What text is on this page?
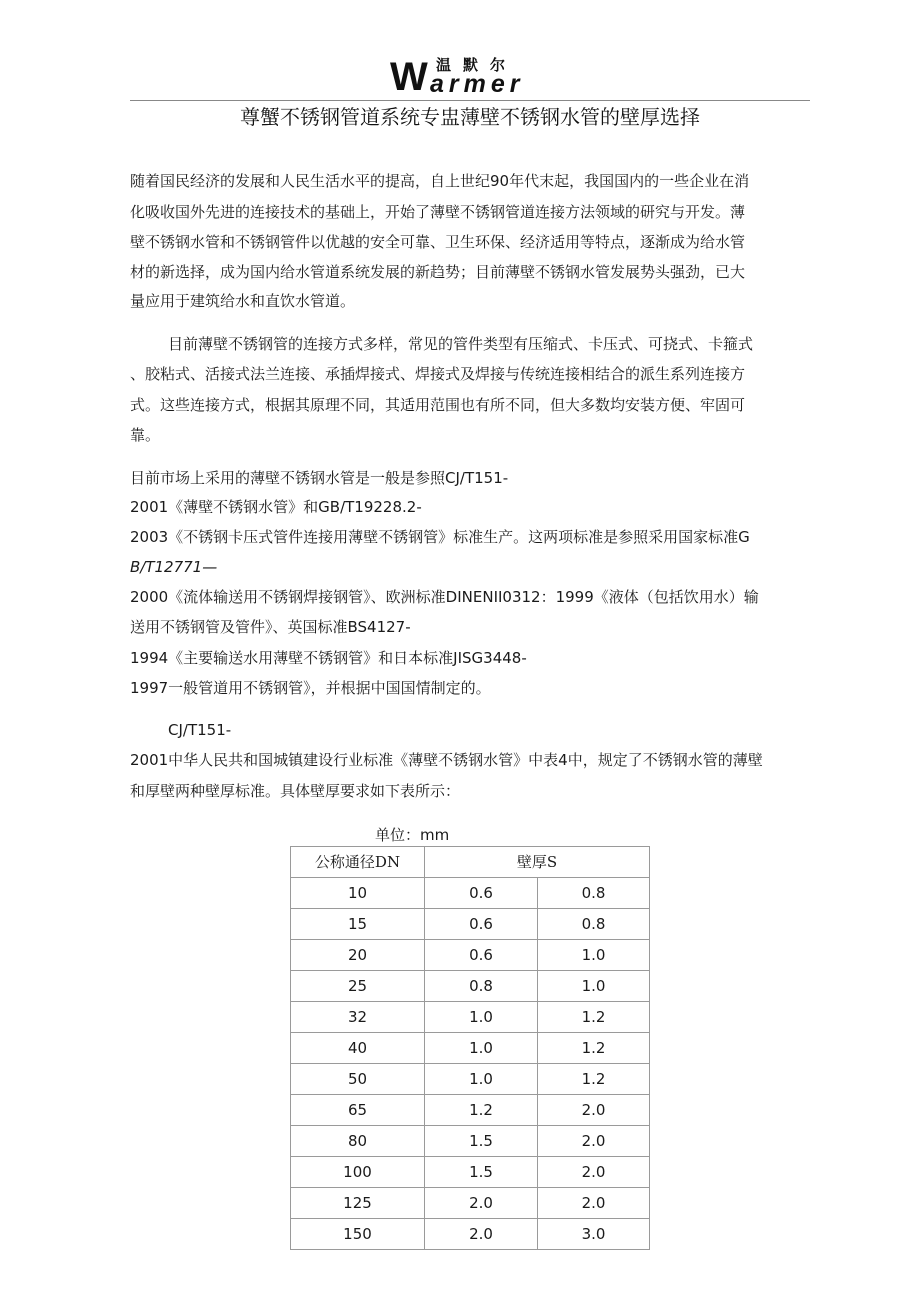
W 温默尔
armer
尊蟹不锈钢管道系统专盅薄壁不锈钢水管的壁厚选择
随着国民经济的发展和人民生活水平的提高，自上世纪90年代末起，我国国内的一些企业在消
化吸收国外先进的连接技术的基础上，开始了薄壁不锈钢管道连接方法领域的研究与开发。薄
壁不锈钢水管和不锈钢管件以优越的安全可靠、卫生环保、经济适用等特点，逐渐成为给水管
材的新选择，成为国内给水管道系统发展的新趋势；目前薄壁不锈钢水管发展势头强劲，已大
量应用于建筑给水和直饮水管道。
目前薄壁不锈钢管的连接方式多样，常见的管件类型有压缩式、卡压式、可挠式、卡箍式
、胶粘式、活接式法兰连接、承插焊接式、焊接式及焊接与传统连接相结合的派生系列连接方
式。这些连接方式，根据其原理不同，其适用范围也有所不同，但大多数均安装方便、牢固可
靠。
目前市场上采用的薄壁不锈钢水管是一般是参照CJ/T151-
2001《薄壁不锈钢水管》和GB/T19228.2-
2003《不锈钢卡压式管件连接用薄壁不锈钢管》标准生产。这两项标准是参照采用国家标准G
B/T12771—
2000《流体输送用不锈钢焊接钢管》、欧洲标准DINENII0312：1999《液体（包括饮用水）输
送用不锈钢管及管件》、英国标准BS4127-
1994《主要输送水用薄壁不锈钢管》和日本标准JISG3448-
1997一般管道用不锈钢管》，并根据中国国情制定的。
CJ/T151-
2001中华人民共和国城镇建设行业标准《薄壁不锈钢水管》中表4中，规定了不锈钢水管的薄壁
和厚壁两种壁厚标准。具体壁厚要求如下表所示：
单位：mm
公称通径DN	壁厚S	
10	0.6	0.8
15	0.6	0.8
20	0.6	1.0
25	0.8	1.0
32	1.0	1.2
40	1.0	1.2
50	1.0	1.2
65	1.2	2.0
80	1.5	2.0
100	1.5	2.0
125	2.0	2.0
150	2.0	3.0
